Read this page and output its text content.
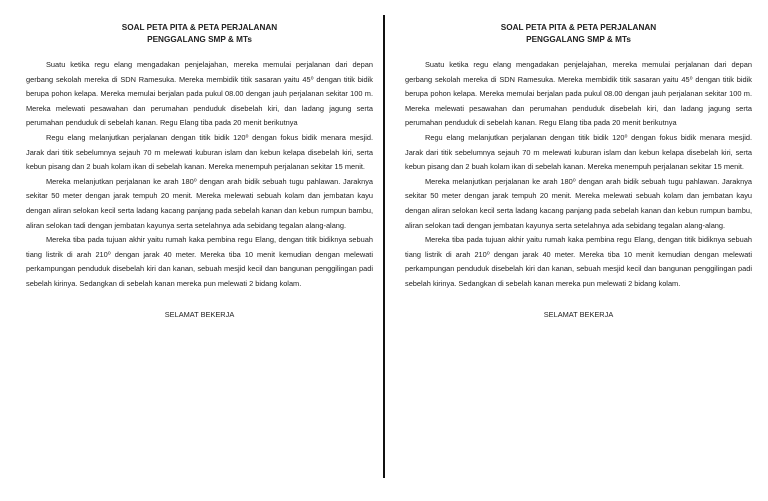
SOAL PETA PITA & PETA PERJALANAN
PENGGALANG SMP & MTs

Suatu ketika regu elang mengadakan penjelajahan, mereka memulai perjalanan dari depan gerbang sekolah mereka di SDN Ramesuka. Mereka membidik titik sasaran yaitu 45⁰ dengan titik bidik berupa pohon kelapa. Mereka memulai berjalan pada pukul 08.00 dengan jauh perjalanan sekitar 100 m. Mereka melewati pesawahan dan perumahan penduduk disebelah kiri, dan ladang jagung serta perumahan penduduk di sebelah kanan. Regu Elang tiba pada 20 menit berikutnya

Regu elang melanjutkan perjalanan dengan titik bidik 120⁰ dengan fokus bidik menara mesjid. Jarak dari titik sebelumnya sejauh 70 m melewati kuburan islam dan kebun kelapa disebelah kiri, serta kebun pisang dan 2 buah kolam ikan di sebelah kanan. Mereka menempuh perjalanan sekitar 15 menit.

Mereka melanjutkan perjalanan ke arah 180⁰ dengan arah bidik sebuah tugu pahlawan. Jaraknya sekitar 50 meter dengan jarak tempuh 20 menit. Mereka melewati sebuah kolam dan jembatan kayu dengan aliran selokan kecil serta ladang kacang panjang pada sebelah kanan dan kebun rumpun bambu, aliran selokan tadi dengan jembatan kayunya serta setelahnya ada sebidang tegalan alang-alang.

Mereka tiba pada tujuan akhir yaitu rumah kaka pembina regu Elang, dengan titik bidiknya sebuah tiang listrik di arah 210⁰ dengan jarak 40 meter. Mereka tiba 10 menit kemudian dengan melewati perkampungan penduduk disebelah kiri dan kanan, sebuah mesjid kecil dan bangunan penggilingan padi sebelah kirinya. Sedangkan di sebelah kanan mereka pun melewati 2 bidang kolam.

SELAMAT BEKERJA
SOAL PETA PITA & PETA PERJALANAN
PENGGALANG SMP & MTs

Suatu ketika regu elang mengadakan penjelajahan, mereka memulai perjalanan dari depan gerbang sekolah mereka di SDN Ramesuka. Mereka membidik titik sasaran yaitu 45⁰ dengan titik bidik berupa pohon kelapa. Mereka memulai berjalan pada pukul 08.00 dengan jauh perjalanan sekitar 100 m. Mereka melewati pesawahan dan perumahan penduduk disebelah kiri, dan ladang jagung serta perumahan penduduk di sebelah kanan. Regu Elang tiba pada 20 menit berikutnya

Regu elang melanjutkan perjalanan dengan titik bidik 120⁰ dengan fokus bidik menara mesjid. Jarak dari titik sebelumnya sejauh 70 m melewati kuburan islam dan kebun kelapa disebelah kiri, serta kebun pisang dan 2 buah kolam ikan di sebelah kanan. Mereka menempuh perjalanan sekitar 15 menit.

Mereka melanjutkan perjalanan ke arah 180⁰ dengan arah bidik sebuah tugu pahlawan. Jaraknya sekitar 50 meter dengan jarak tempuh 20 menit. Mereka melewati sebuah kolam dan jembatan kayu dengan aliran selokan kecil serta ladang kacang panjang pada sebelah kanan dan kebun rumpun bambu, aliran selokan tadi dengan jembatan kayunya serta setelahnya ada sebidang tegalan alang-alang.

Mereka tiba pada tujuan akhir yaitu rumah kaka pembina regu Elang, dengan titik bidiknya sebuah tiang listrik di arah 210⁰ dengan jarak 40 meter. Mereka tiba 10 menit kemudian dengan melewati perkampungan penduduk disebelah kiri dan kanan, sebuah mesjid kecil dan bangunan penggilingan padi sebelah kirinya. Sedangkan di sebelah kanan mereka pun melewati 2 bidang kolam.

SELAMAT BEKERJA
